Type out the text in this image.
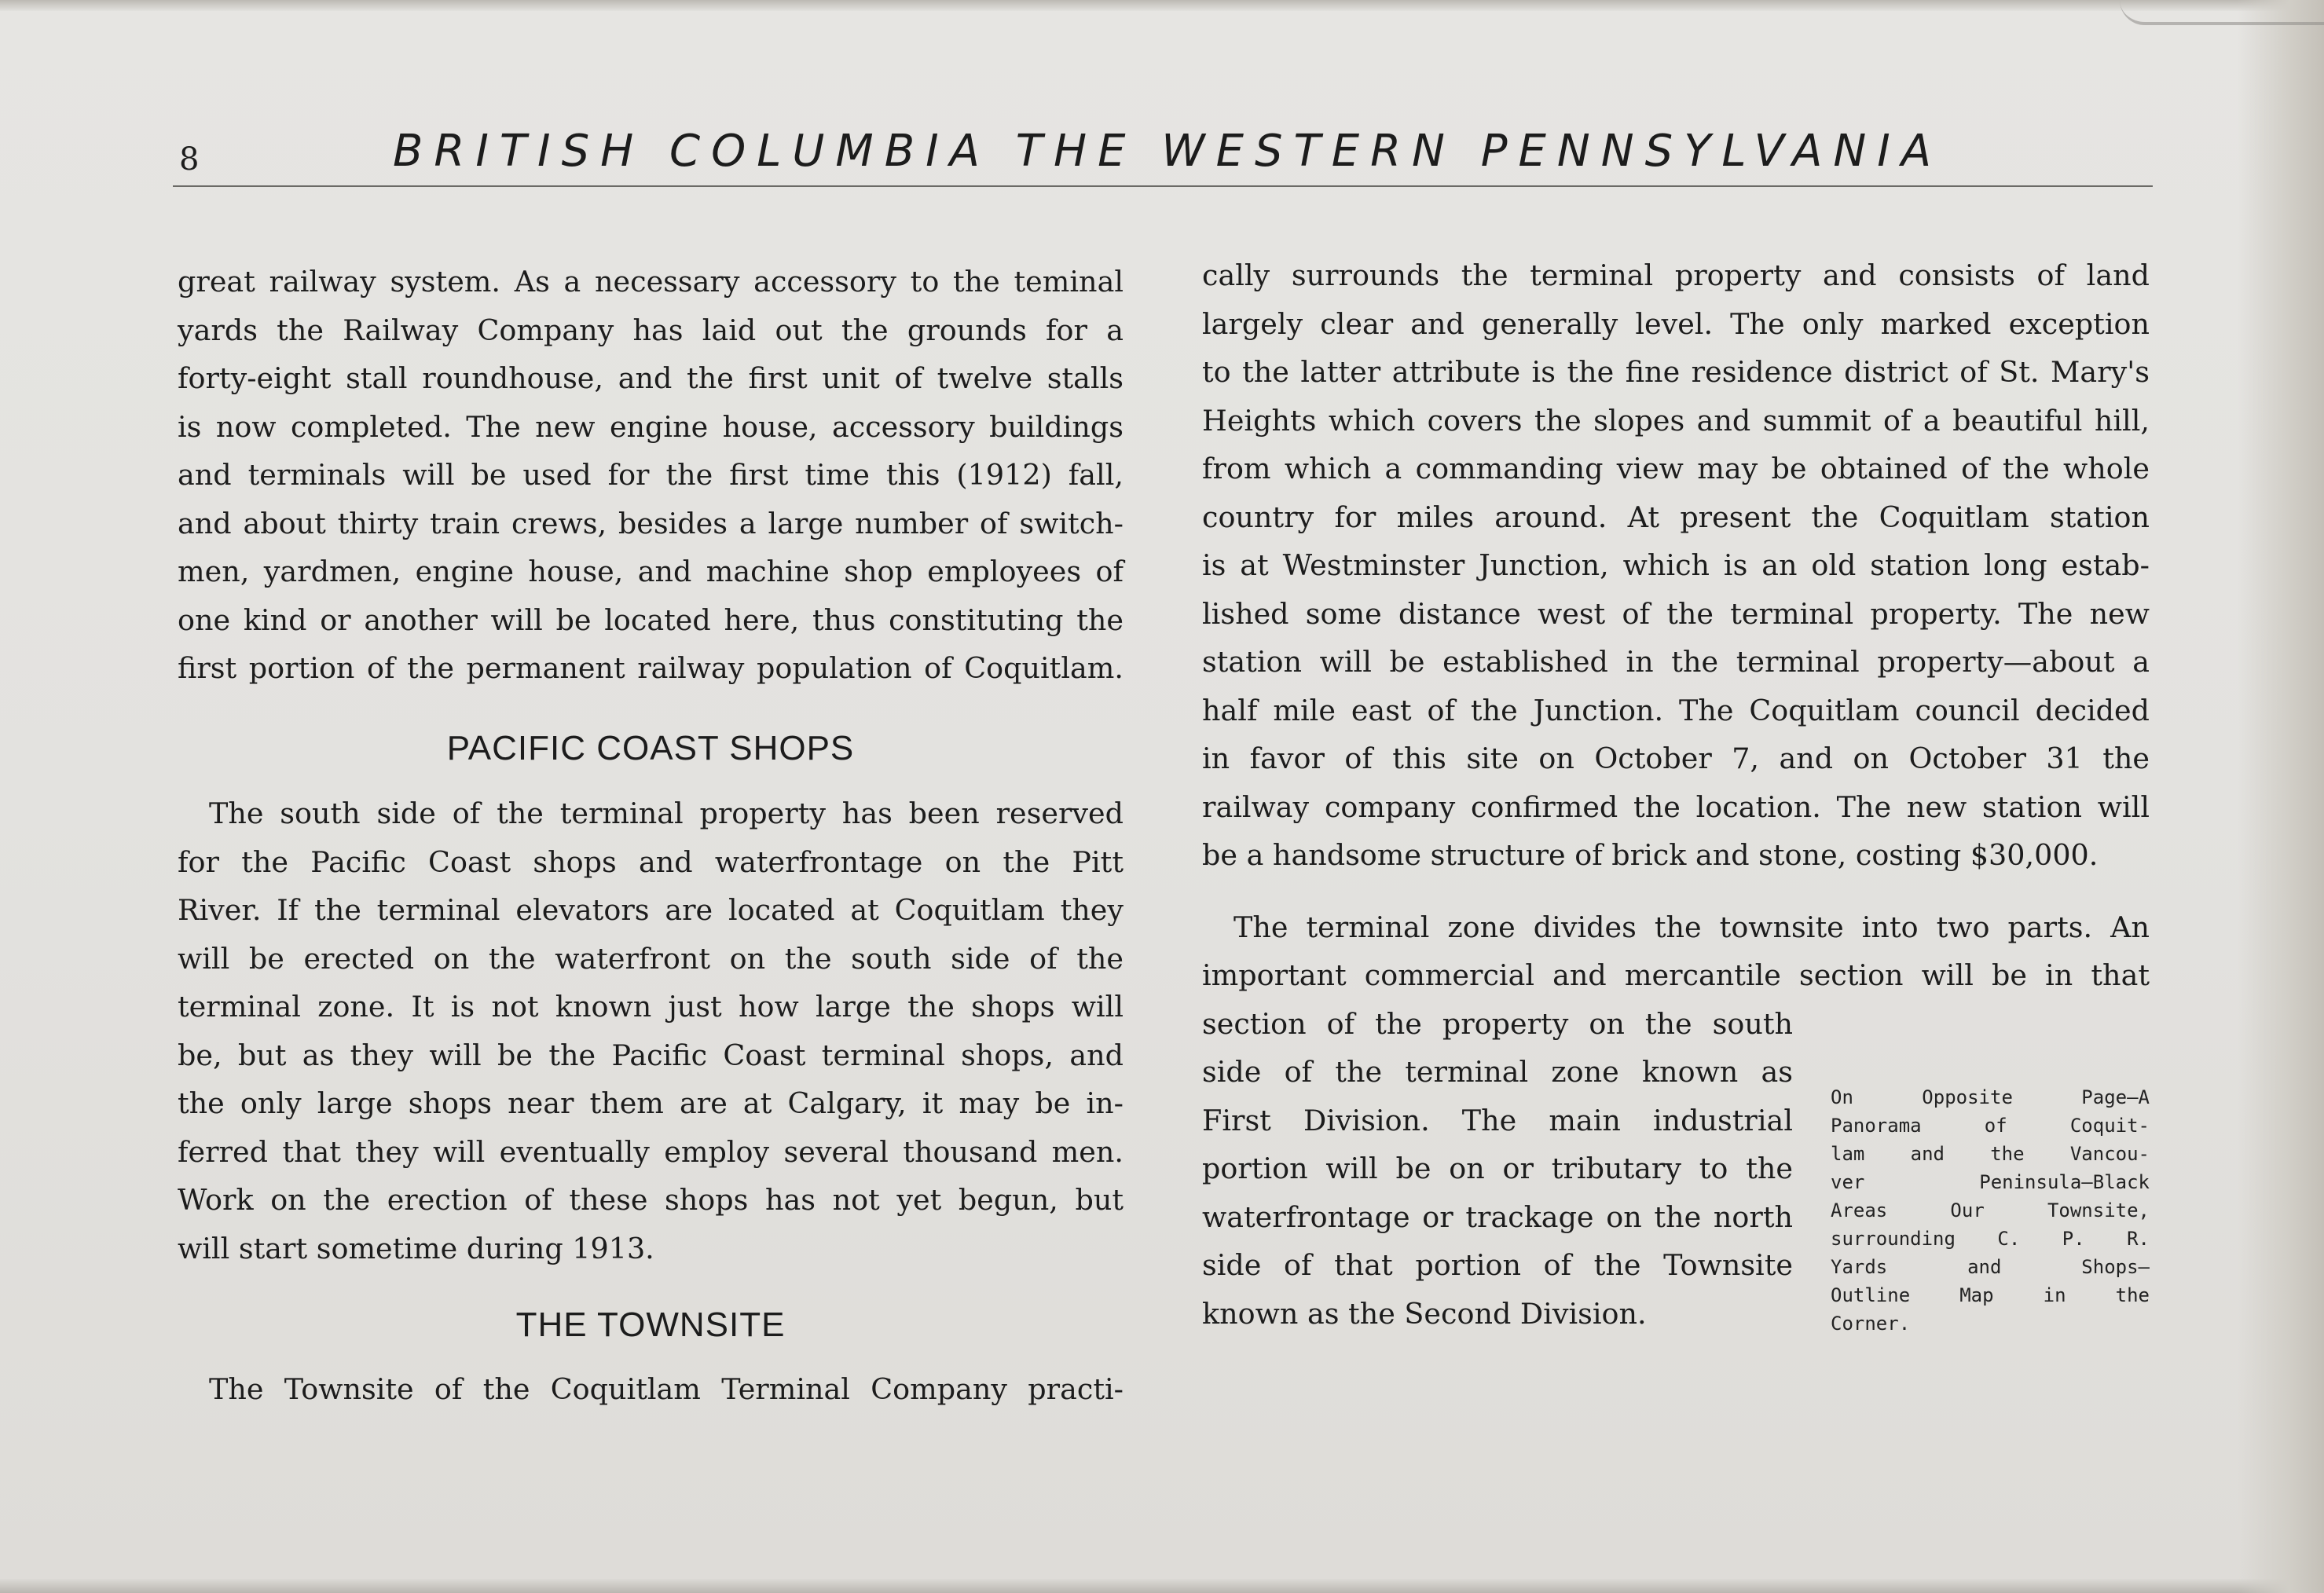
8	BRITISH COLUMBIA THE WESTERN PENNSYLVANIA

great railway system. As a necessary accessory to the teminal

yards the Railway Company has laid out the grounds for a

forty-eight stall roundhouse, and the first unit of twelve stalls

is now completed. The new engine house, accessory buildings

and terminals will be used for the first time this (1912) fall,

and about thirty train crews, besides a large number of switch-

men, yardmen, engine house, and machine shop employees of

one kind or another will be located here, thus constituting the

first portion of the permanent railway population of Coquitlam.

PACIFIC COAST SHOPS

The south side of the terminal property has been reserved

for the Pacific Coast shops and waterfrontage on the Pitt

River. If the terminal elevators are located at Coquitlam they

will be erected on the waterfront on the south side of the

terminal zone. It is not known just how large the shops will

be, but as they will be the Pacific Coast terminal shops, and

the only large shops near them are at Calgary, it may be in-

ferred that they will eventually employ several thousand men.

Work on the erection of these shops has not yet begun, but

will start sometime during 1913.

THE TOWNSITE

The Townsite of the Coquitlam Terminal Company practi-

cally surrounds the terminal property and consists of land

largely clear and generally level. The only marked exception

to the latter attribute is the fine residence district of St. Mary's

Heights which covers the slopes and summit of a beautiful hill,

from which a commanding view may be obtained of the whole

country for miles around. At present the Coquitlam station

is at Westminster Junction, which is an old station long estab-

lished some distance west of the terminal property. The new

station will be established in the terminal property—about a

half mile east of the Junction. The Coquitlam council decided

in favor of this site on October 7, and on October 31 the

railway company confirmed the location. The new station will

be a handsome structure of brick and stone, costing $30,000.

The terminal zone divides the townsite into two parts. An

important commercial and mercantile section will be in that

section of the property on the south

side of the terminal zone known as

First Division. The main industrial

portion will be on or tributary to the

waterfrontage or trackage on the north

side of that portion of the Townsite

known as the Second Division.

On Opposite Page—A

Panorama of Coquit-

lam and the Vancou-

ver Peninsula—Black

Areas Our Townsite,

surrounding C. P. R.

Yards and Shops—

Outline Map in the

Corner.
